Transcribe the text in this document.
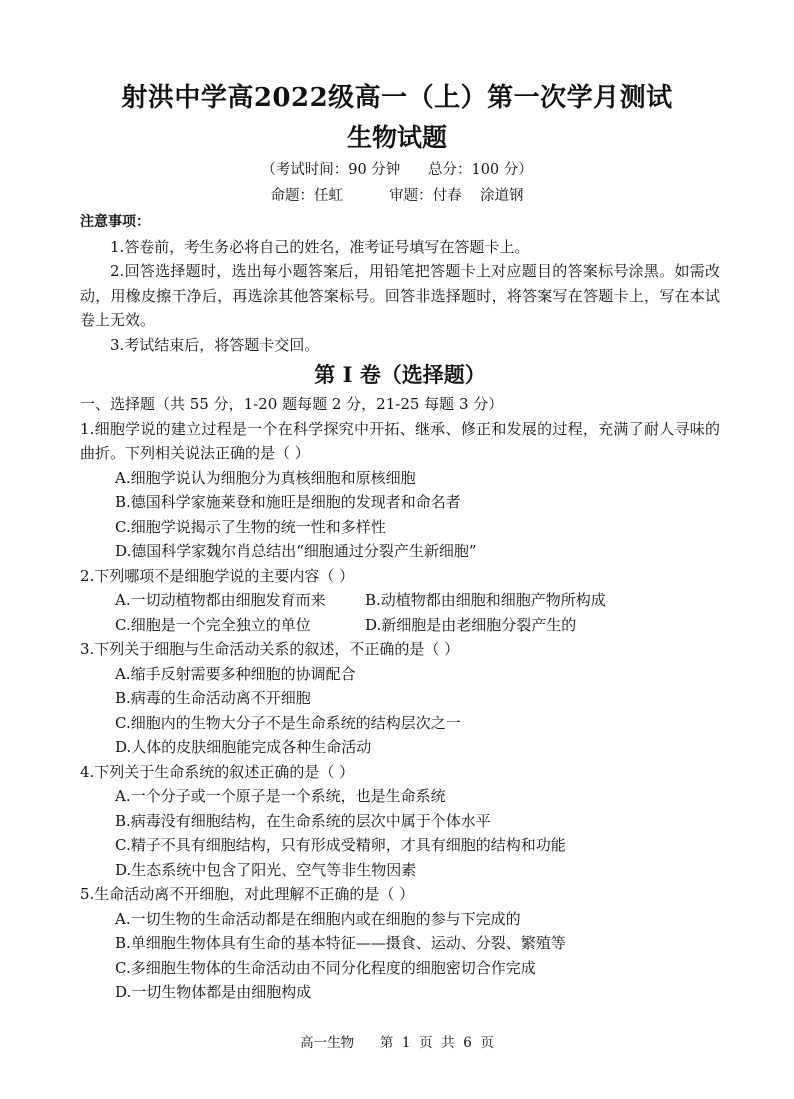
射洪中学高2022级高一（上）第一次学月测试
生物试题
（考试时间：90 分钟      总分：100 分）
命题：任虹          审题：付春    涂道钢
注意事项：
1.答卷前，考生务必将自己的姓名，准考证号填写在答题卡上。
2.回答选择题时，选出每小题答案后，用铅笔把答题卡上对应题目的答案标号涂黑。如需改动，用橡皮擦干净后，再选涂其他答案标号。回答非选择题时，将答案写在答题卡上，写在本试卷上无效。
3.考试结束后，将答题卡交回。
第 I 卷（选择题）
一、选择题（共 55 分，1-20 题每题 2 分，21-25 每题 3 分）
1.细胞学说的建立过程是一个在科学探究中开拓、继承、修正和发展的过程，充满了耐人寻味的曲折。下列相关说法正确的是（ ）
A.细胞学说认为细胞分为真核细胞和原核细胞
B.德国科学家施莱登和施旺是细胞的发现者和命名者
C.细胞学说揭示了生物的统一性和多样性
D.德国科学家魏尔肖总结出“细胞通过分裂产生新细胞”
2.下列哪项不是细胞学说的主要内容（ ）
A.一切动植物都由细胞发育而来	B.动植物都由细胞和细胞产物所构成
C.细胞是一个完全独立的单位	D.新细胞是由老细胞分裂产生的
3.下列关于细胞与生命活动关系的叙述，不正确的是（ ）
A.缩手反射需要多种细胞的协调配合
B.病毒的生命活动离不开细胞
C.细胞内的生物大分子不是生命系统的结构层次之一
D.人体的皮肤细胞能完成各种生命活动
4.下列关于生命系统的叙述正确的是（ ）
A.一个分子或一个原子是一个系统，也是生命系统
B.病毒没有细胞结构，在生命系统的层次中属于个体水平
C.精子不具有细胞结构，只有形成受精卵，才具有细胞的结构和功能
D.生态系统中包含了阳光、空气等非生物因素
5.生命活动离不开细胞，对此理解不正确的是（ ）
A.一切生物的生命活动都是在细胞内或在细胞的参与下完成的
B.单细胞生物体具有生命的基本特征——摄食、运动、分裂、繁殖等
C.多细胞生物体的生命活动由不同分化程度的细胞密切合作完成
D.一切生物体都是由细胞构成
高一生物      第  1  页  共  6  页
